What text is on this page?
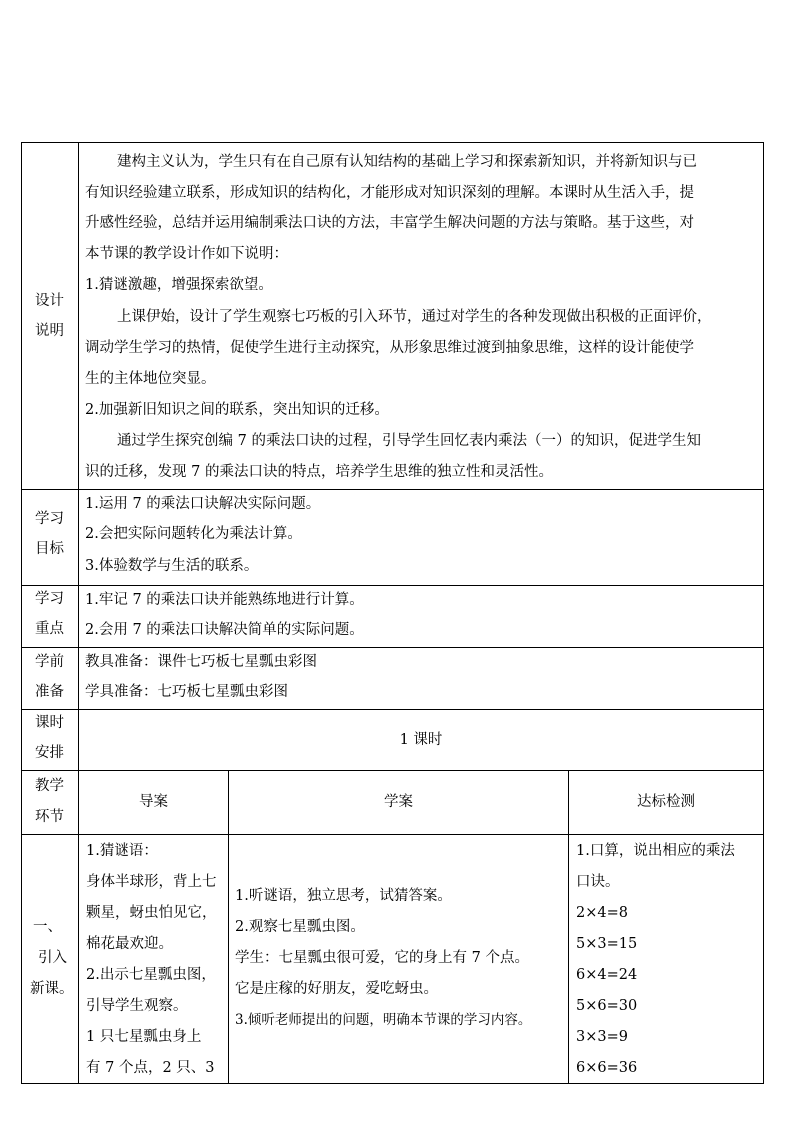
设计
说明
建构主义认为，学生只有在自己原有认知结构的基础上学习和探索新知识，并将新知识与已
有知识经验建立联系，形成知识的结构化，才能形成对知识深刻的理解。本课时从生活入手，提
升感性经验，总结并运用编制乘法口诀的方法，丰富学生解决问题的方法与策略。基于这些，对
本节课的教学设计作如下说明：
1.猜谜激趣，增强探索欲望。
上课伊始，设计了学生观察七巧板的引入环节，通过对学生的各种发现做出积极的正面评价，
调动学生学习的热情，促使学生进行主动探究，从形象思维过渡到抽象思维，这样的设计能使学
生的主体地位突显。
2.加强新旧知识之间的联系，突出知识的迁移。
通过学生探究创编 7 的乘法口诀的过程，引导学生回忆表内乘法（一）的知识，促进学生知
识的迁移，发现 7 的乘法口诀的特点，培养学生思维的独立性和灵活性。
学习
目标
1.运用 7 的乘法口诀解决实际问题。
2.会把实际问题转化为乘法计算。
3.体验数学与生活的联系。
学习
重点
1.牢记 7 的乘法口诀并能熟练地进行计算。
2.会用 7 的乘法口诀解决简单的实际问题。
学前
准备
教具准备：课件七巧板七星瓢虫彩图
学具准备：七巧板七星瓢虫彩图
课时
安排
1 课时
教学
环节
导案	学案	达标检测
一、
引入
新课。
1.猜谜语：
身体半球形，背上七
颗星，蚜虫怕见它，
棉花最欢迎。
2.出示七星瓢虫图，
引导学生观察。
1 只七星瓢虫身上
有 7 个点，2 只、3
1.听谜语，独立思考，试猜答案。
2.观察七星瓢虫图。
学生：七星瓢虫很可爱，它的身上有 7 个点。
它是庄稼的好朋友，爱吃蚜虫。
3.倾听老师提出的问题，明确本节课的学习内容。
1.口算，说出相应的乘法
口诀。
2×4=8
5×3=15
6×4=24
5×6=30
3×3=9
6×6=36
